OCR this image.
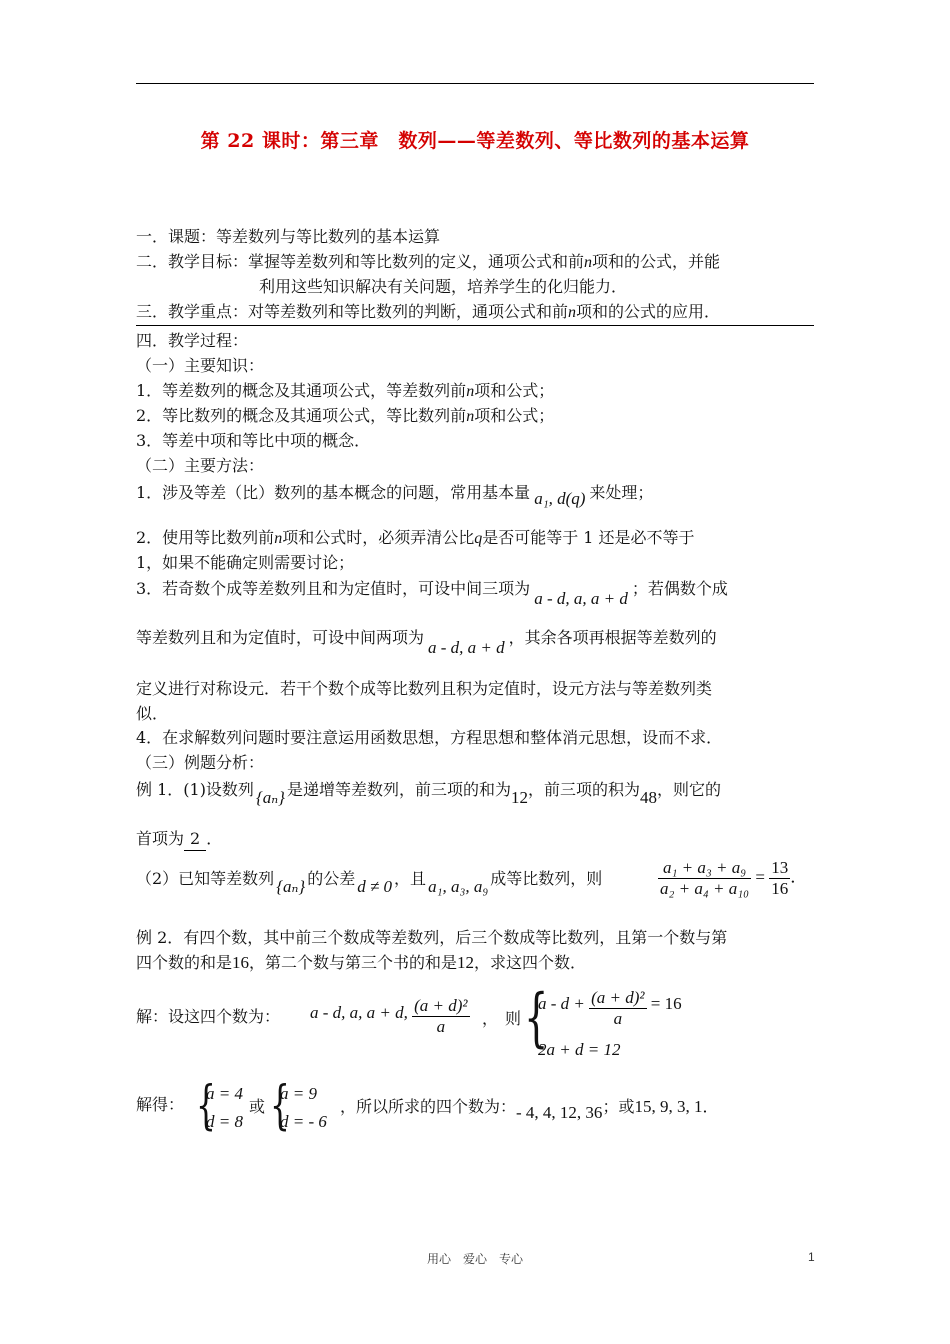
第 22 课时：第三章　数列——等差数列、等比数列的基本运算
一．课题：等差数列与等比数列的基本运算
二．教学目标：掌握等差数列和等比数列的定义，通项公式和前n项和的公式，并能
利用这些知识解决有关问题，培养学生的化归能力．
三．教学重点：对等差数列和等比数列的判断，通项公式和前n项和的公式的应用．
四．教学过程：
（一）主要知识：
1．等差数列的概念及其通项公式，等差数列前n项和公式；
2．等比数列的概念及其通项公式，等比数列前n项和公式；
3．等差中项和等比中项的概念．
（二）主要方法：
1．涉及等差（比）数列的基本概念的问题，常用基本量 a₁, d(q) 来处理；
2．使用等比数列前n项和公式时，必须弄清公比q是否可能等于 1 还是必不等于
1，如果不能确定则需要讨论；
3．若奇数个成等差数列且和为定值时，可设中间三项为a - d, a, a + d；若偶数个成
等差数列且和为定值时，可设中间两项为a - d, a + d，其余各项再根据等差数列的
定义进行对称设元．若干个数个成等比数列且积为定值时，设元方法与等差数列类
似．
4．在求解数列问题时要注意运用函数思想，方程思想和整体消元思想，设而不求．
（三）例题分析：
例 1．(1)设数列 {aₙ} 是递增等差数列，前三项的和为12，前三项的积为48，则它的
首项为 2 ．
（2）已知等差数列 {aₙ} 的公差 d ≠ 0 ，且 a₁, a₃, a₉ 成等比数列，则	$\frac{\text{a₁ + a₃ + a₉}}{\text{a₂ + a₄ + a₁₀}} = \frac{13}{16}$ ．
例 2．有四个数，其中前三个数成等差数列，后三个数成等比数列，且第一个数与第
四个数的和是16，第二个数与第三个书的和是12，求这四个数．
解：设这四个数为： a - d, a, a + d, $\frac{\text{(a + d)²}}{a}$ ， 则 {
$a - d + \frac{\text{(a + d)²}}{a} = 16$
2a + d = 12
解得： {
a = 4
d = 8
或 {
a = 9
d = - 6
，所以所求的四个数为：- 4, 4, 12, 36；或15, 9, 3, 1．
用心　爱心　专心	1
